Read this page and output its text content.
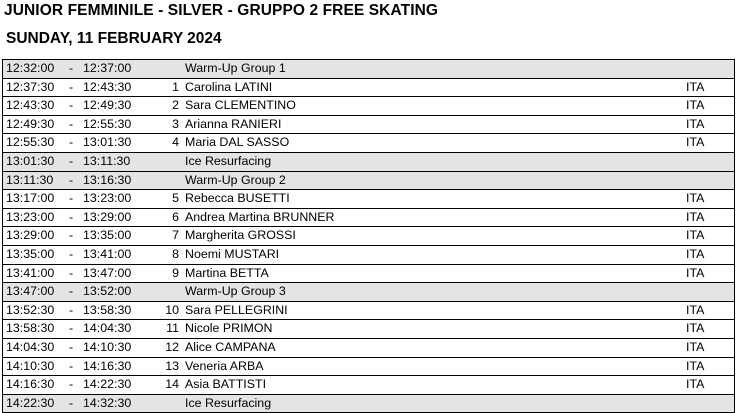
JUNIOR FEMMINILE - SILVER - GRUPPO 2 FREE SKATING
SUNDAY, 11 FEBRUARY 2024
12:32:00 - 12:37:00	Warm-Up Group 1
12:37:30 - 12:43:30	1 Carolina LATINI	ITA
12:43:30 - 12:49:30	2 Sara CLEMENTINO	ITA
12:49:30 - 12:55:30	3 Arianna RANIERI	ITA
12:55:30 - 13:01:30	4 Maria DAL SASSO	ITA
13:01:30 - 13:11:30	Ice Resurfacing
13:11:30 - 13:16:30	Warm-Up Group 2
13:17:00 - 13:23:00	5 Rebecca BUSETTI	ITA
13:23:00 - 13:29:00	6 Andrea Martina BRUNNER	ITA
13:29:00 - 13:35:00	7 Margherita GROSSI	ITA
13:35:00 - 13:41:00	8 Noemi MUSTARI	ITA
13:41:00 - 13:47:00	9 Martina BETTA	ITA
13:47:00 - 13:52:00	Warm-Up Group 3
13:52:30 - 13:58:30	10 Sara PELLEGRINI	ITA
13:58:30 - 14:04:30	11 Nicole PRIMON	ITA
14:04:30 - 14:10:30	12 Alice CAMPANA	ITA
14:10:30 - 14:16:30	13 Veneria ARBA	ITA
14:16:30 - 14:22:30	14 Asia BATTISTI	ITA
14:22:30 - 14:32:30	Ice Resurfacing
